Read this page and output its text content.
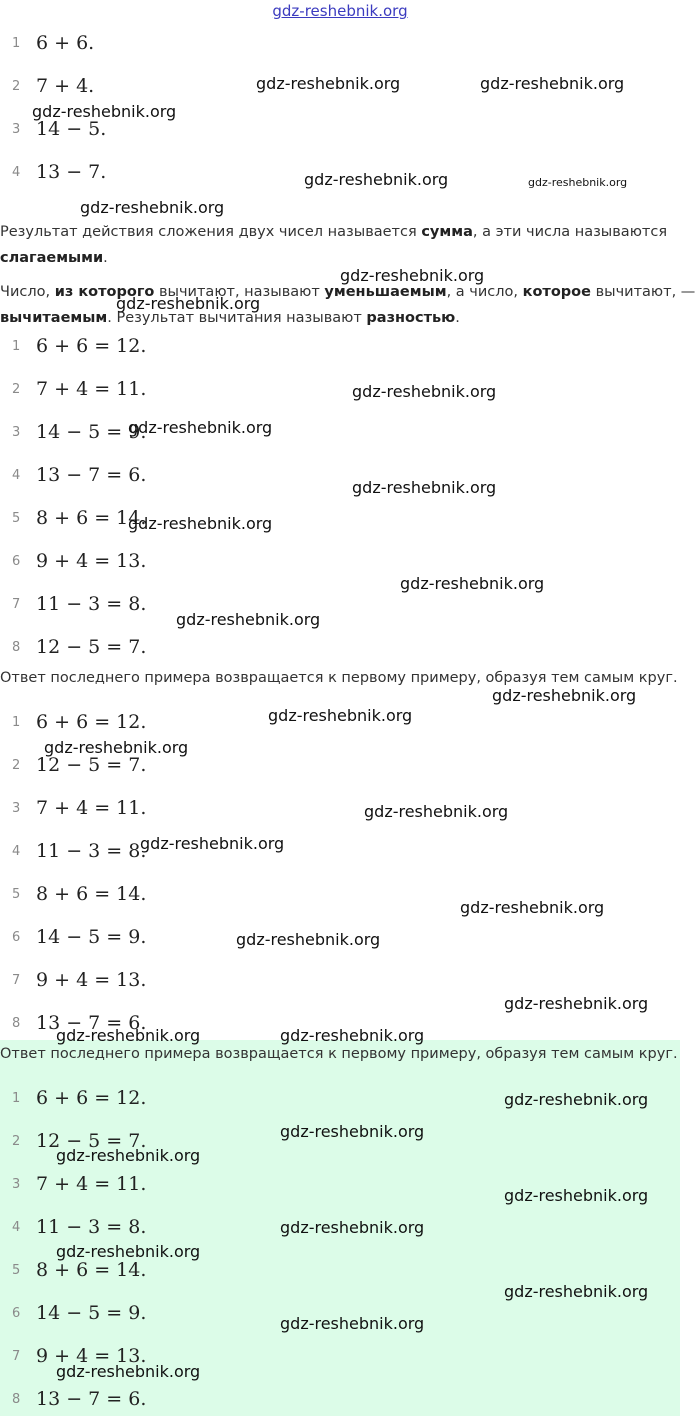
gdz-reshebnik.org
1 6 + 6.
2 7 + 4.
3 14 − 5.
4 13 − 7.
Результат действия сложения двух чисел называется сумма, а эти числа называются
слагаемыми.
Число, из которого вычитают, называют уменьшаемым, а число, которое вычитают, —
вычитаемым. Результат вычитания называют разностью.
1 6 + 6 = 12.
2 7 + 4 = 11.
3 14 − 5 = 9.
4 13 − 7 = 6.
5 8 + 6 = 14.
6 9 + 4 = 13.
7 11 − 3 = 8.
8 12 − 5 = 7.
Ответ последнего примера возвращается к первому примеру, образуя тем самым круг.
1 6 + 6 = 12.
2 12 − 5 = 7.
3 7 + 4 = 11.
4 11 − 3 = 8.
5 8 + 6 = 14.
6 14 − 5 = 9.
7 9 + 4 = 13.
8 13 − 7 = 6.
Ответ последнего примера возвращается к первому примеру, образуя тем самым круг.
1 6 + 6 = 12.
2 12 − 5 = 7.
3 7 + 4 = 11.
4 11 − 3 = 8.
5 8 + 6 = 14.
6 14 − 5 = 9.
7 9 + 4 = 13.
8 13 − 7 = 6.
gdz-reshebnik.org	gdz-reshebnik.org
gdz-reshebnik.org
gdz-reshebnik.org	gdz-reshebnik.org
gdz-reshebnik.org
gdz-reshebnik.org
gdz-reshebnik.org
gdz-reshebnik.org
gdz-reshebnik.org
gdz-reshebnik.org
gdz-reshebnik.org
gdz-reshebnik.org
gdz-reshebnik.org
gdz-reshebnik.org
gdz-reshebnik.org
gdz-reshebnik.org
gdz-reshebnik.org
gdz-reshebnik.org
gdz-reshebnik.org
gdz-reshebnik.org
gdz-reshebnik.org
gdz-reshebnik.org	gdz-reshebnik.org
gdz-reshebnik.org
gdz-reshebnik.org
gdz-reshebnik.org
gdz-reshebnik.org
gdz-reshebnik.org
gdz-reshebnik.org
gdz-reshebnik.org
gdz-reshebnik.org
gdz-reshebnik.org
